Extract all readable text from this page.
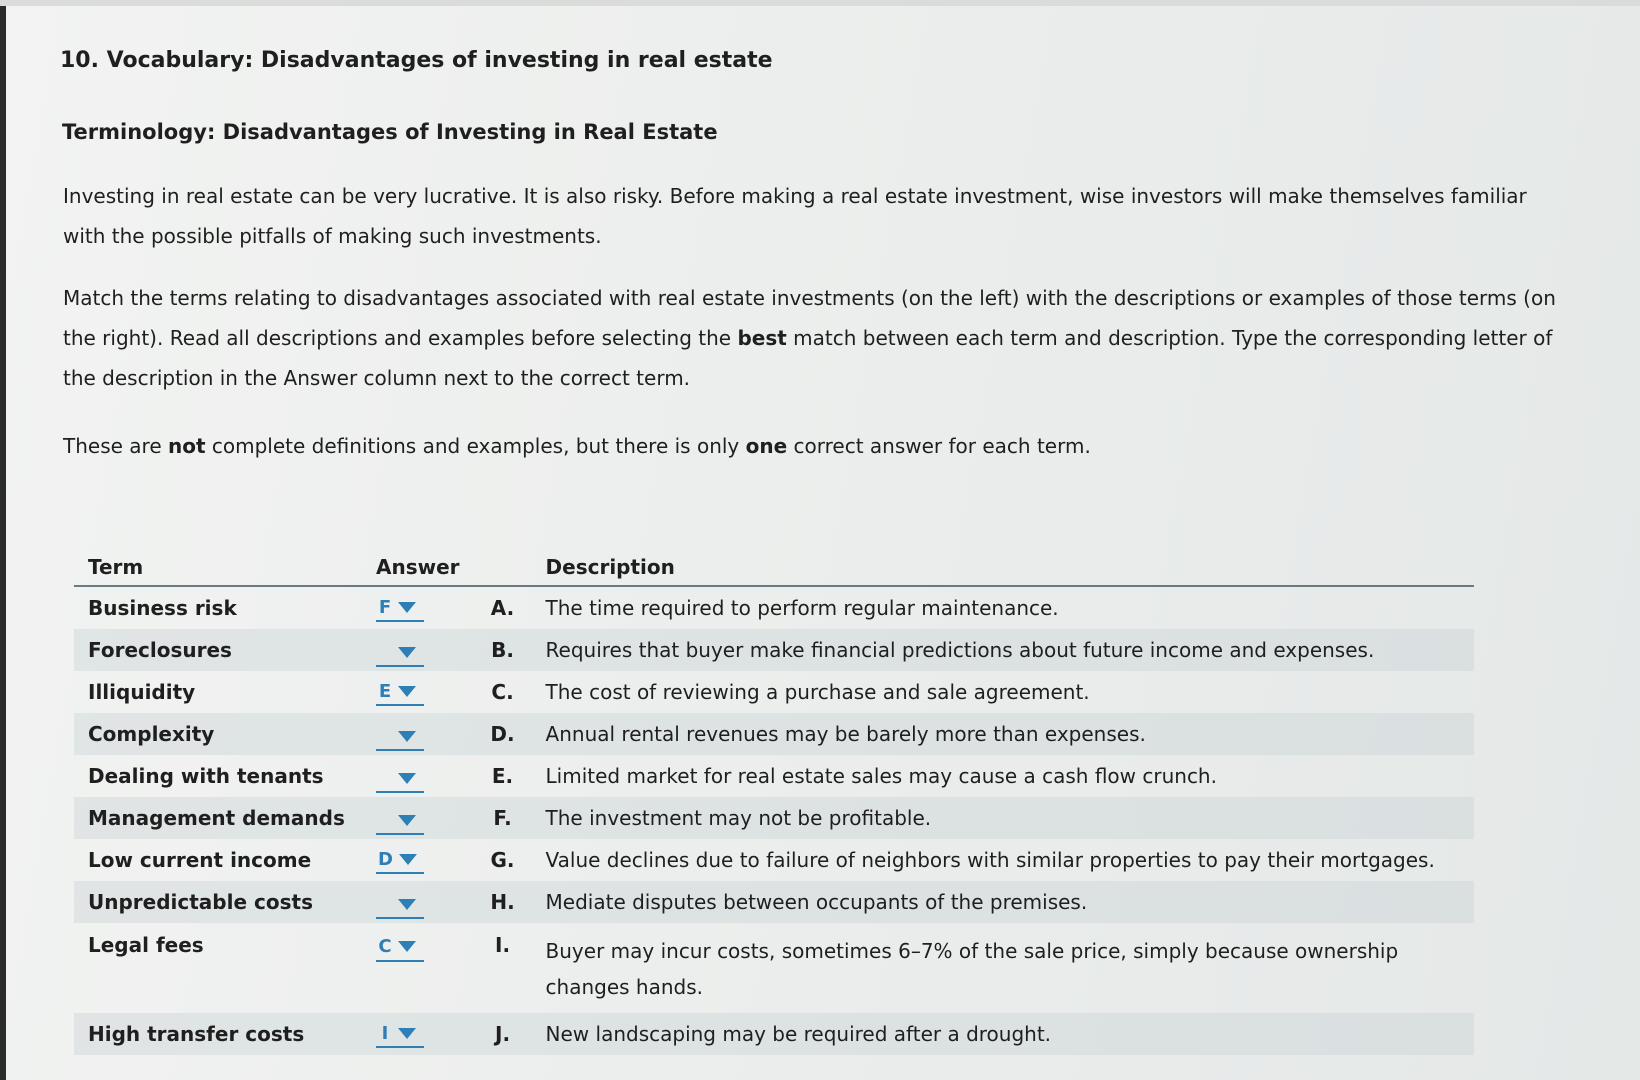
10. Vocabulary: Disadvantages of investing in real estate
Terminology: Disadvantages of Investing in Real Estate
Investing in real estate can be very lucrative. It is also risky. Before making a real estate investment, wise investors will make themselves familiar with the possible pitfalls of making such investments.
Match the terms relating to disadvantages associated with real estate investments (on the left) with the descriptions or examples of those terms (on the right). Read all descriptions and examples before selecting the best match between each term and description. Type the corresponding letter of the description in the Answer column next to the correct term.
These are not complete definitions and examples, but there is only one correct answer for each term.
Term	Answer		Description
Business risk	F	A.	The time required to perform regular maintenance.
Foreclosures		B.	Requires that buyer make financial predictions about future income and expenses.
Illiquidity	E	C.	The cost of reviewing a purchase and sale agreement.
Complexity		D.	Annual rental revenues may be barely more than expenses.
Dealing with tenants		E.	Limited market for real estate sales may cause a cash flow crunch.
Management demands		F.	The investment may not be profitable.
Low current income	D	G.	Value declines due to failure of neighbors with similar properties to pay their mortgages.
Unpredictable costs		H.	Mediate disputes between occupants of the premises.
Legal fees	C	I.	Buyer may incur costs, sometimes 6–7% of the sale price, simply because ownership changes hands.
High transfer costs	I	J.	New landscaping may be required after a drought.
